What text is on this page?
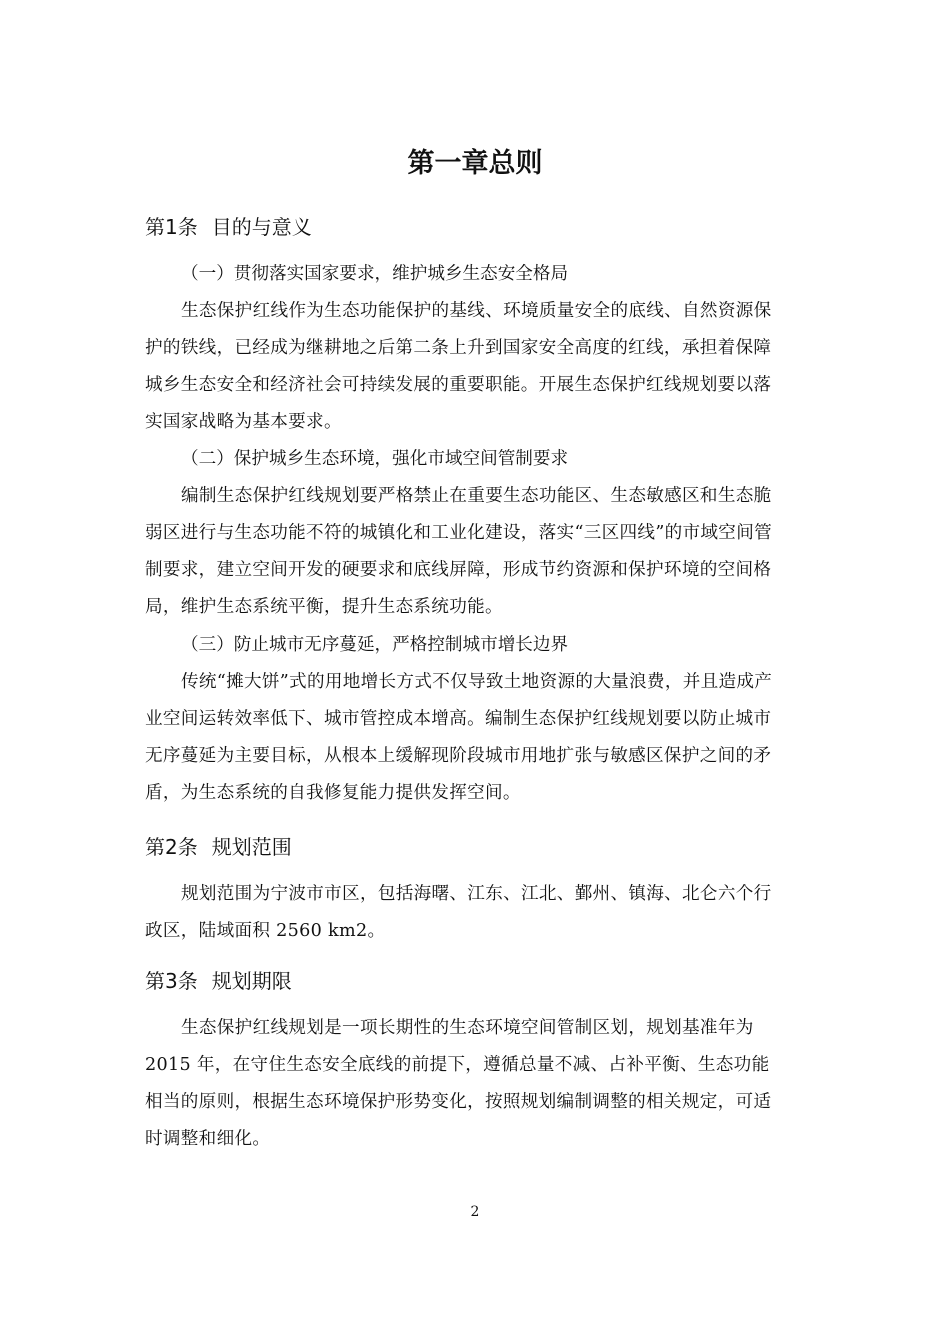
第一章总则
第1条 目的与意义

（一）贯彻落实国家要求，维护城乡生态安全格局

生态保护红线作为生态功能保护的基线、环境质量安全的底线、自然资源保
护的铁线，已经成为继耕地之后第二条上升到国家安全高度的红线，承担着保障
城乡生态安全和经济社会可持续发展的重要职能。开展生态保护红线规划要以落
实国家战略为基本要求。

（二）保护城乡生态环境，强化市域空间管制要求

编制生态保护红线规划要严格禁止在重要生态功能区、生态敏感区和生态脆
弱区进行与生态功能不符的城镇化和工业化建设，落实“三区四线”的市域空间管
制要求，建立空间开发的硬要求和底线屏障，形成节约资源和保护环境的空间格
局，维护生态系统平衡，提升生态系统功能。

（三）防止城市无序蔓延，严格控制城市增长边界

传统“摊大饼”式的用地增长方式不仅导致土地资源的大量浪费，并且造成产
业空间运转效率低下、城市管控成本增高。编制生态保护红线规划要以防止城市
无序蔓延为主要目标，从根本上缓解现阶段城市用地扩张与敏感区保护之间的矛
盾，为生态系统的自我修复能力提供发挥空间。

第2条 规划范围

规划范围为宁波市市区，包括海曙、江东、江北、鄞州、镇海、北仑六个行
政区，陆域面积 2560 km2。

第3条 规划期限

生态保护红线规划是一项长期性的生态环境空间管制区划，规划基准年为
2015 年，在守住生态安全底线的前提下，遵循总量不减、占补平衡、生态功能
相当的原则，根据生态环境保护形势变化，按照规划编制调整的相关规定，可适
时调整和细化。

2
